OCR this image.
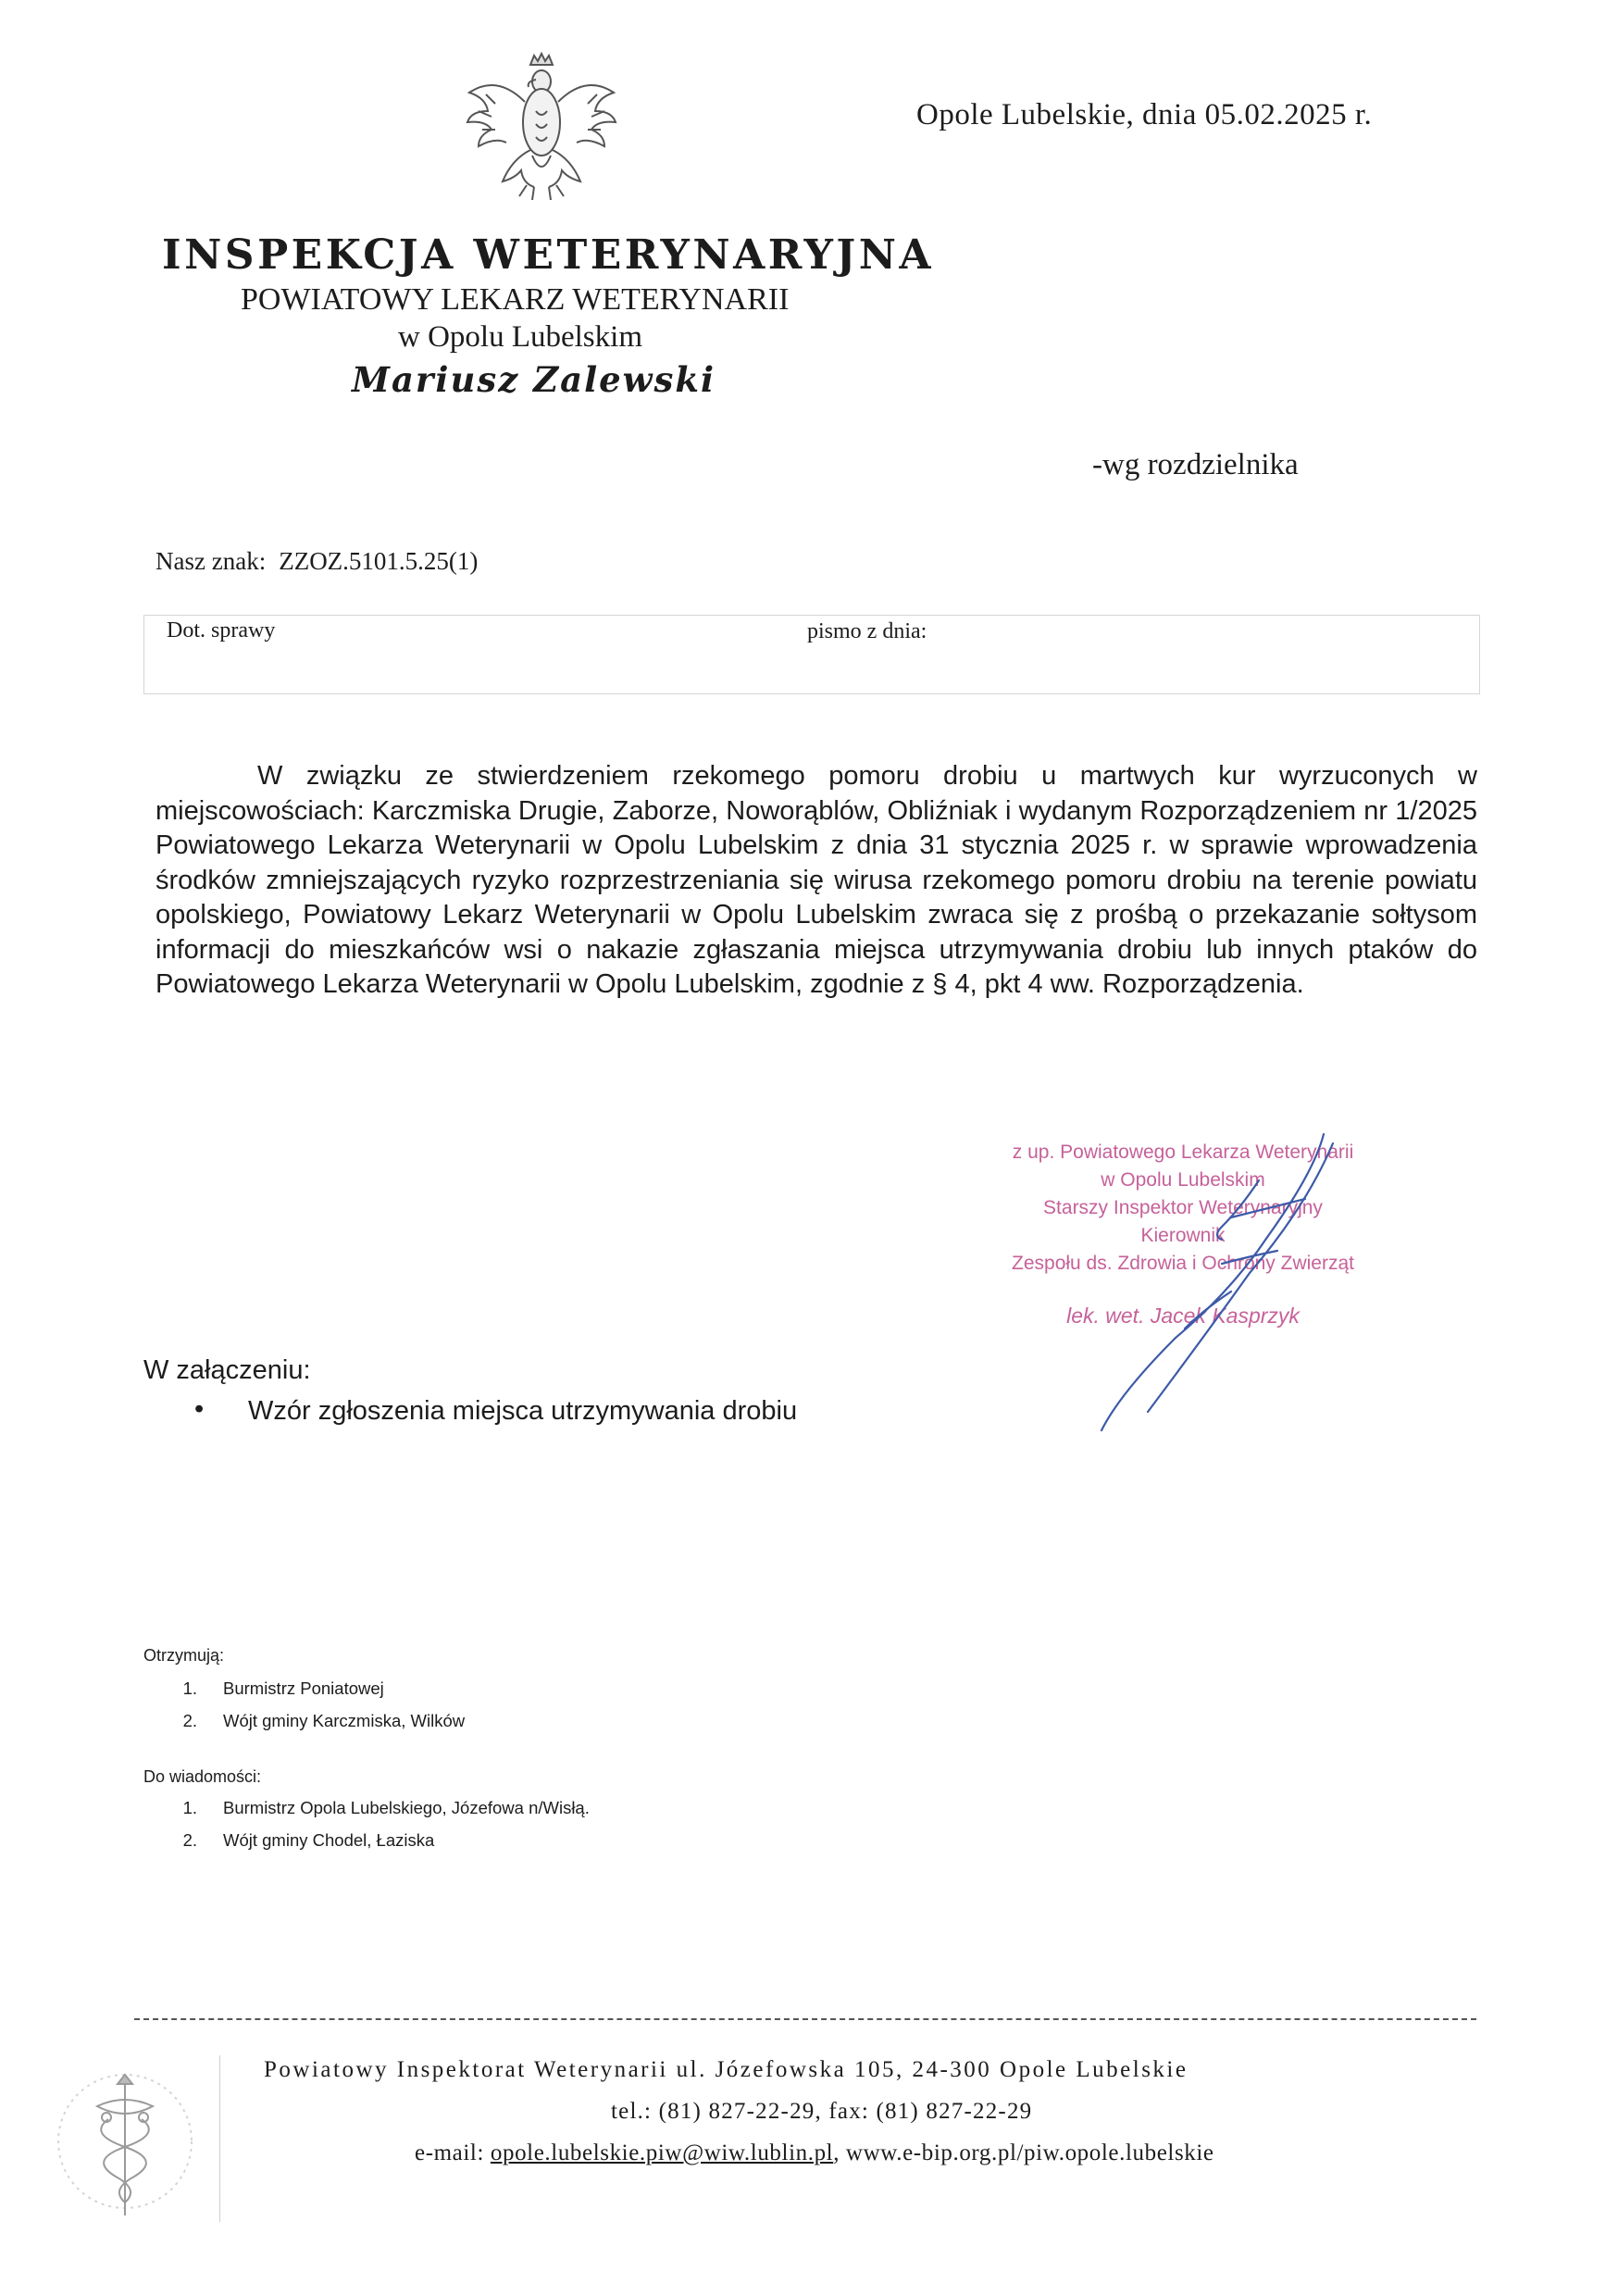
Opole Lubelskie, dnia 05.02.2025 r.
INSPEKCJA WETERYNARYJNA
POWIATOWY LEKARZ WETERYNARII
w Opolu Lubelskim
Mariusz Zalewski
-wg rozdzielnika
Nasz znak: ZZOZ.5101.5.25(1)
Dot. sprawy	pismo z dnia:

W związku ze stwierdzeniem rzekomego pomoru drobiu u martwych kur wyrzuconych w miejscowościach: Karczmiska Drugie, Zaborze, Noworąblów, Obliźniak i wydanym Rozporządzeniem nr 1/2025 Powiatowego Lekarza Weterynarii w Opolu Lubelskim z dnia 31 stycznia 2025 r. w sprawie wprowadzenia środków zmniejszających ryzyko rozprzestrzeniania się wirusa rzekomego pomoru drobiu na terenie powiatu opolskiego, Powiatowy Lekarz Weterynarii w Opolu Lubelskim zwraca się z prośbą o przekazanie sołtysom informacji do mieszkańców wsi o nakazie zgłaszania miejsca utrzymywania drobiu lub innych ptaków do Powiatowego Lekarza Weterynarii w Opolu Lubelskim, zgodnie z § 4, pkt 4 ww. Rozporządzenia.

z up. Powiatowego Lekarza Weterynarii
w Opolu Lubelskim
Starszy Inspektor Weterynaryjny
Kierownik
Zespołu ds. Zdrowia i Ochrony Zwierząt
lek. wet. Jacek Kasprzyk
W załączeniu:
• Wzór zgłoszenia miejsca utrzymywania drobiu
Otrzymują:
1. Burmistrz Poniatowej
2. Wójt gminy Karczmiska, Wilków
Do wiadomości:
1. Burmistrz Opola Lubelskiego, Józefowa n/Wisłą.
2. Wójt gminy Chodel, Łaziska
Powiatowy Inspektorat Weterynarii ul. Józefowska 105, 24-300 Opole Lubelskie
tel.: (81) 827-22-29, fax: (81) 827-22-29
e-mail: opole.lubelskie.piw@wiw.lublin.pl, www.e-bip.org.pl/piw.opole.lubelskie
